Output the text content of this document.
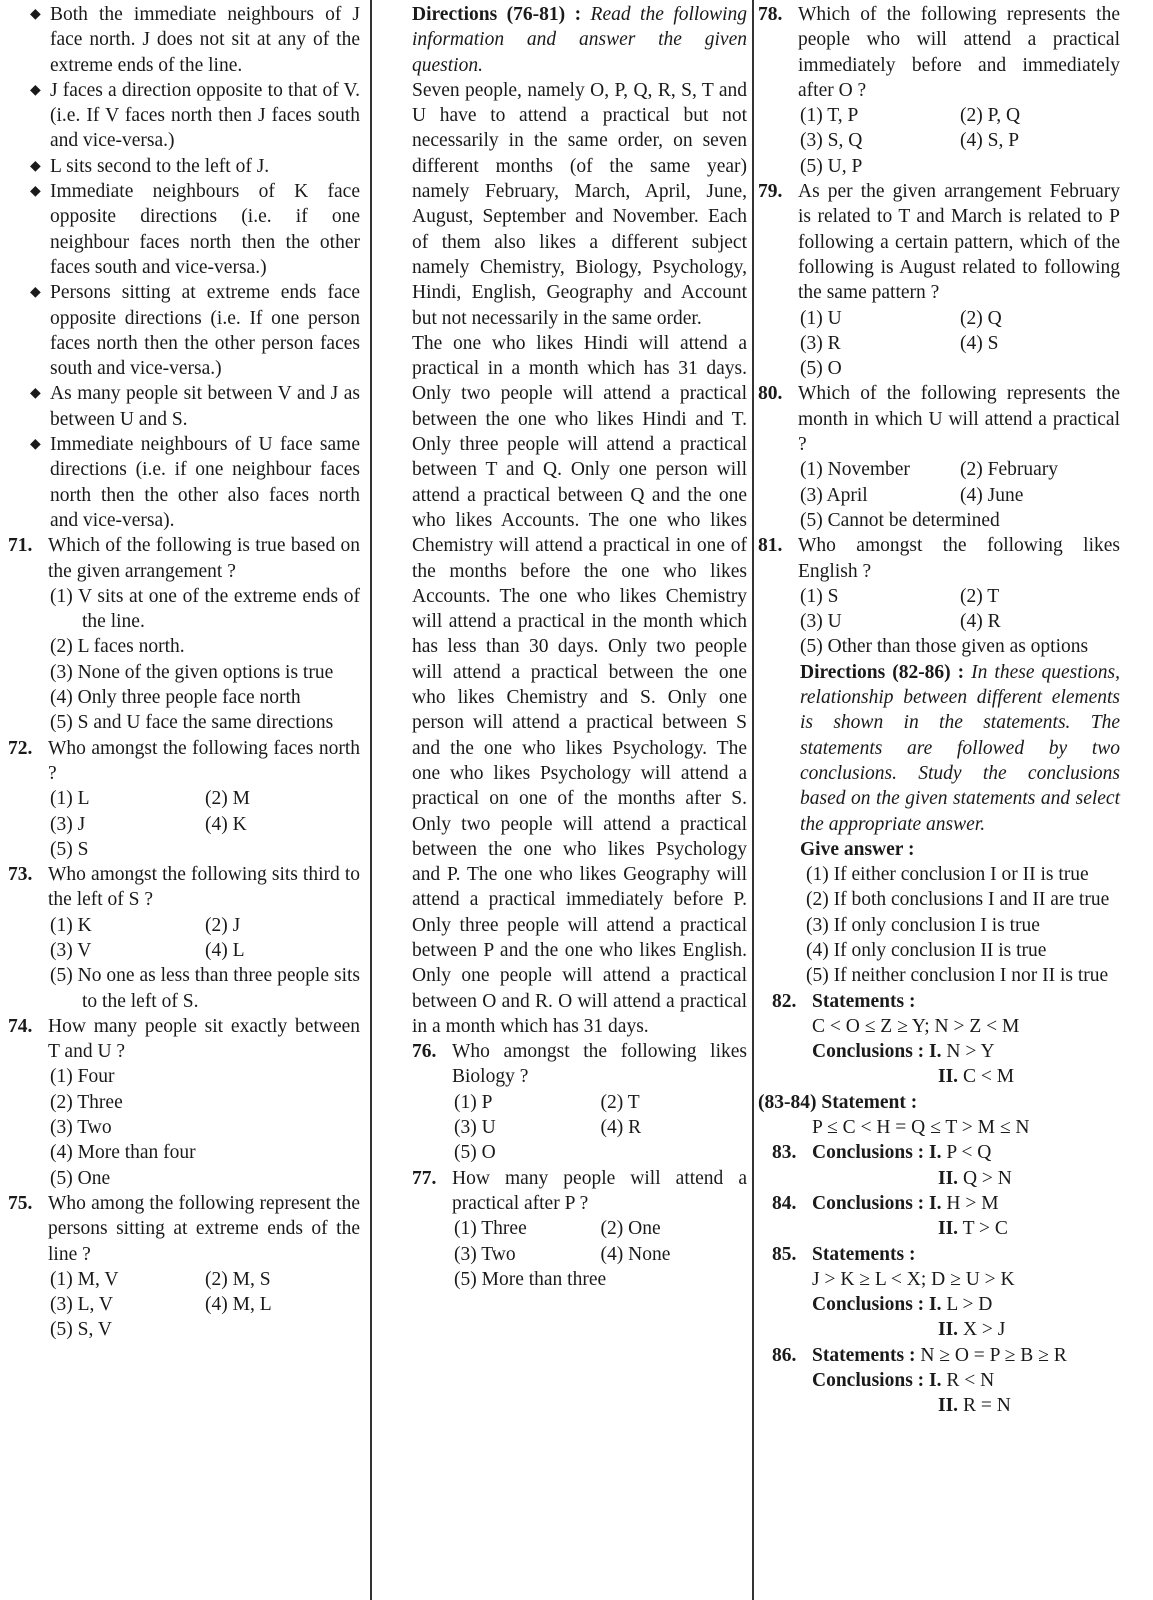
◆ Both the immediate neighbours of J face north. J does not sit at any of the extreme ends of the line.
◆ J faces a direction opposite to that of V. (i.e. If V faces north then J faces south and vice-versa.)
◆ L sits second to the left of J.
◆ Immediate neighbours of K face opposite directions (i.e. if one neighbour faces north then the other faces south and vice-versa.)
◆ Persons sitting at extreme ends face opposite directions (i.e. If one person faces north then the other person faces south and vice-versa.)
◆ As many people sit between V and J as between U and S.
◆ Immediate neighbours of U face same directions (i.e. if one neighbour faces north then the other also faces north and vice-versa).
71. Which of the following is true based on the given arrangement ?
(1) V sits at one of the extreme ends of the line.
(2) L faces north.
(3) None of the given options is true
(4) Only three people face north
(5) S and U face the same directions
72. Who amongst the following faces north ?
(1) L	(2) M
(3) J	(4) K
(5) S
73. Who amongst the following sits third to the left of S ?
(1) K	(2) J
(3) V	(4) L
(5) No one as less than three people sits to the left of S.
74. How many people sit exactly between T and U ?
(1) Four
(2) Three
(3) Two
(4) More than four
(5) One
75. Who among the following represent the persons sitting at extreme ends of the line ?
(1) M, V	(2) M, S
(3) L, V	(4) M, L
(5) S, V
Directions (76-81) : Read the following information and answer the given question.
Seven people, namely O, P, Q, R, S, T and U have to attend a practical but not necessarily in the same order, on seven different months (of the same year) namely February, March, April, June, August, September and November. Each of them also likes a different subject namely Chemistry, Biology, Psychology, Hindi, English, Geography and Account but not necessarily in the same order.
The one who likes Hindi will attend a practical in a month which has 31 days. Only two people will attend a practical between the one who likes Hindi and T. Only three people will attend a practical between T and Q. Only one person will attend a practical between Q and the one who likes Accounts. The one who likes Chemistry will attend a practical in one of the months before the one who likes Accounts. The one who likes Chemistry will attend a practical in the month which has less than 30 days. Only two people will attend a practical between the one who likes Chemistry and S. Only one person will attend a practical between S and the one who likes Psychology. The one who likes Psychology will attend a practical on one of the months after S. Only two people will attend a practical between the one who likes Psychology and P. The one who likes Geography will attend a practical immediately before P. Only three people will attend a practical between P and the one who likes English. Only one people will attend a practical between O and R. O will attend a practical in a month which has 31 days.
76. Who amongst the following likes Biology ?
(1) P	(2) T
(3) U	(4) R
(5) O
77. How many people will attend a practical after P ?
(1) Three	(2) One
(3) Two	(4) None
(5) More than three
78. Which of the following represents the people who will attend a practical immediately before and immediately after O ?
(1) T, P	(2) P, Q
(3) S, Q	(4) S, P
(5) U, P
79. As per the given arrangement February is related to T and March is related to P following a certain pattern, which of the following is August related to following the same pattern ?
(1) U	(2) Q
(3) R	(4) S
(5) O
80. Which of the following represents the month in which U will attend a practical ?
(1) November	(2) February
(3) April	(4) June
(5) Cannot be determined
81. Who amongst the following likes English ?
(1) S	(2) T
(3) U	(4) R
(5) Other than those given as options
Directions (82-86) : In these questions, relationship between different elements is shown in the statements. The statements are followed by two conclusions. Study the conclusions based on the given statements and select the appropriate answer.
Give answer :
(1) If either conclusion I or II is true
(2) If both conclusions I and II are true
(3) If only conclusion I is true
(4) If only conclusion II is true
(5) If neither conclusion I nor II is true
82. Statements :
C < O ≤ Z ≥ Y; N > Z < M
Conclusions : I. N > Y
II. C < M
(83-84) Statement :
P ≤ C < H = Q ≤ T > M ≤ N
83. Conclusions : I. P < Q
II. Q > N
84. Conclusions : I. H > M
II. T > C
85. Statements :
J > K ≥ L < X; D ≥ U > K
Conclusions : I. L > D
II. X > J
86. Statements : N ≥ O = P ≥ B ≥ R
Conclusions : I. R < N
II. R = N
